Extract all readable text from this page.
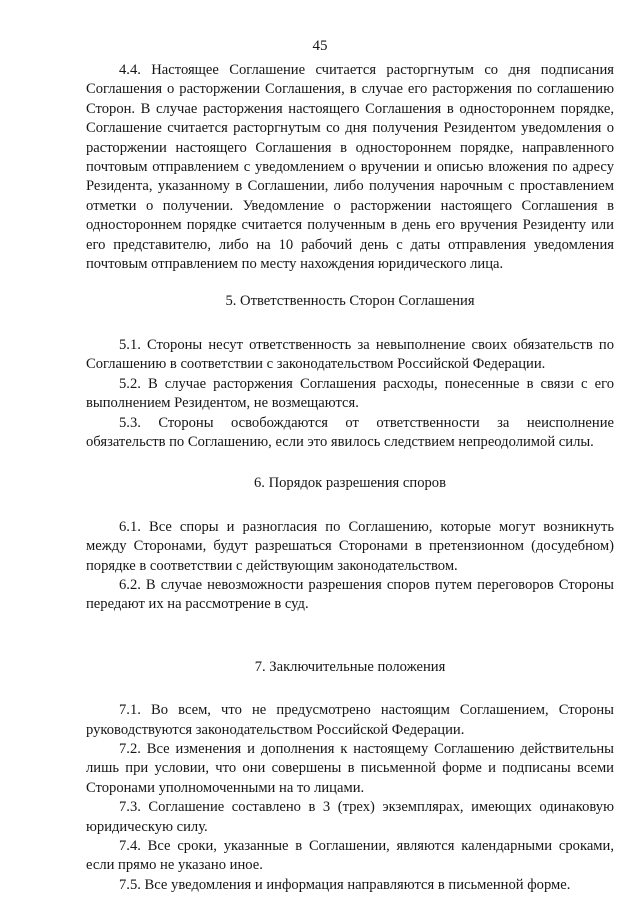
45

4.4. Настоящее Соглашение считается расторгнутым со дня подписания Соглашения о расторжении Соглашения, в случае его расторжения по соглашению Сторон. В случае расторжения настоящего Соглашения в одностороннем порядке, Соглашение считается расторгнутым со дня получения Резидентом уведомления о расторжении настоящего Соглашения в одностороннем порядке, направленного почтовым отправлением с уведомлением о вручении и описью вложения по адресу Резидента, указанному в Соглашении, либо получения нарочным с проставлением отметки о получении. Уведомление о расторжении настоящего Соглашения в одностороннем порядке считается полученным в день его вручения Резиденту или его представителю, либо на 10 рабочий день с даты отправления уведомления почтовым отправлением по месту нахождения юридического лица.

5. Ответственность Сторон Соглашения

5.1. Стороны несут ответственность за невыполнение своих обязательств по Соглашению в соответствии с законодательством Российской Федерации.

5.2. В случае расторжения Соглашения расходы, понесенные в связи с его выполнением Резидентом, не возмещаются.

5.3. Стороны освобождаются от ответственности за неисполнение обязательств по Соглашению, если это явилось следствием непреодолимой силы.

6. Порядок разрешения споров

6.1. Все споры и разногласия по Соглашению, которые могут возникнуть между Сторонами, будут разрешаться Сторонами в претензионном (досудебном) порядке в соответствии с действующим законодательством.

6.2. В случае невозможности разрешения споров путем переговоров Стороны передают их на рассмотрение в суд.

7. Заключительные положения

7.1. Во всем, что не предусмотрено настоящим Соглашением, Стороны руководствуются законодательством Российской Федерации.

7.2. Все изменения и дополнения к настоящему Соглашению действительны лишь при условии, что они совершены в письменной форме и подписаны всеми Сторонами уполномоченными на то лицами.

7.3. Соглашение составлено в 3 (трех) экземплярах, имеющих одинаковую юридическую силу.

7.4. Все сроки, указанные в Соглашении, являются календарными сроками, если прямо не указано иное.

7.5. Все уведомления и информация направляются в письменной форме.
